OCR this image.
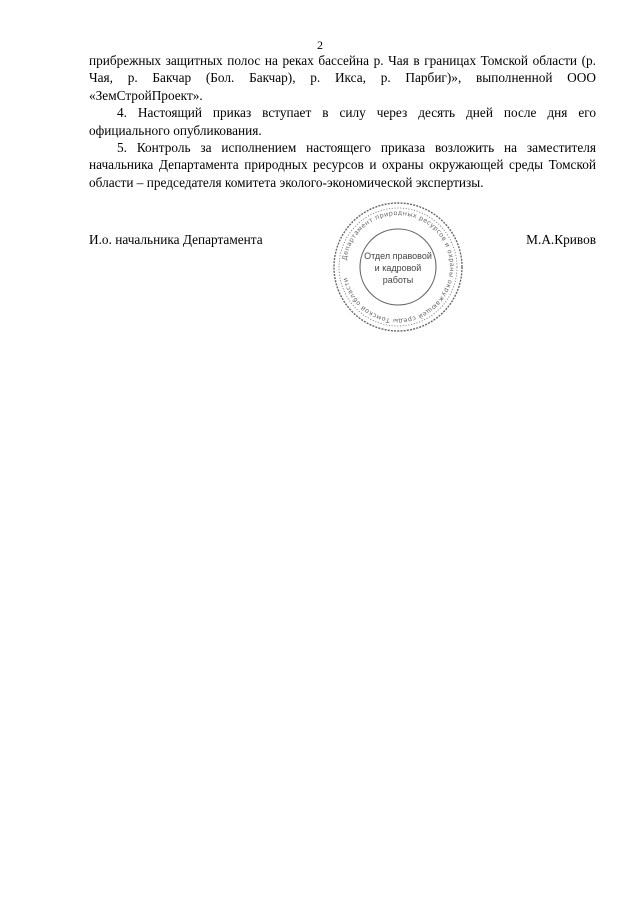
2

прибрежных защитных полос на реках бассейна р. Чая в границах Томской области (р. Чая, р. Бакчар (Бол. Бакчар), р. Икса, р. Парбиг)», выполненной ООО «ЗемСтройПроект».

4. Настоящий приказ вступает в силу через десять дней после дня его официального опубликования.

5. Контроль за исполнением настоящего приказа возложить на заместителя начальника Департамента природных ресурсов и охраны окружающей среды Томской области – председателя комитета эколого-экономической экспертизы.

И.о. начальника Департамента	М.А.Кривов
Департамент природных ресурсов и охраны окружающей среды Томской области
Отдел правовой
и кадровой
работы
